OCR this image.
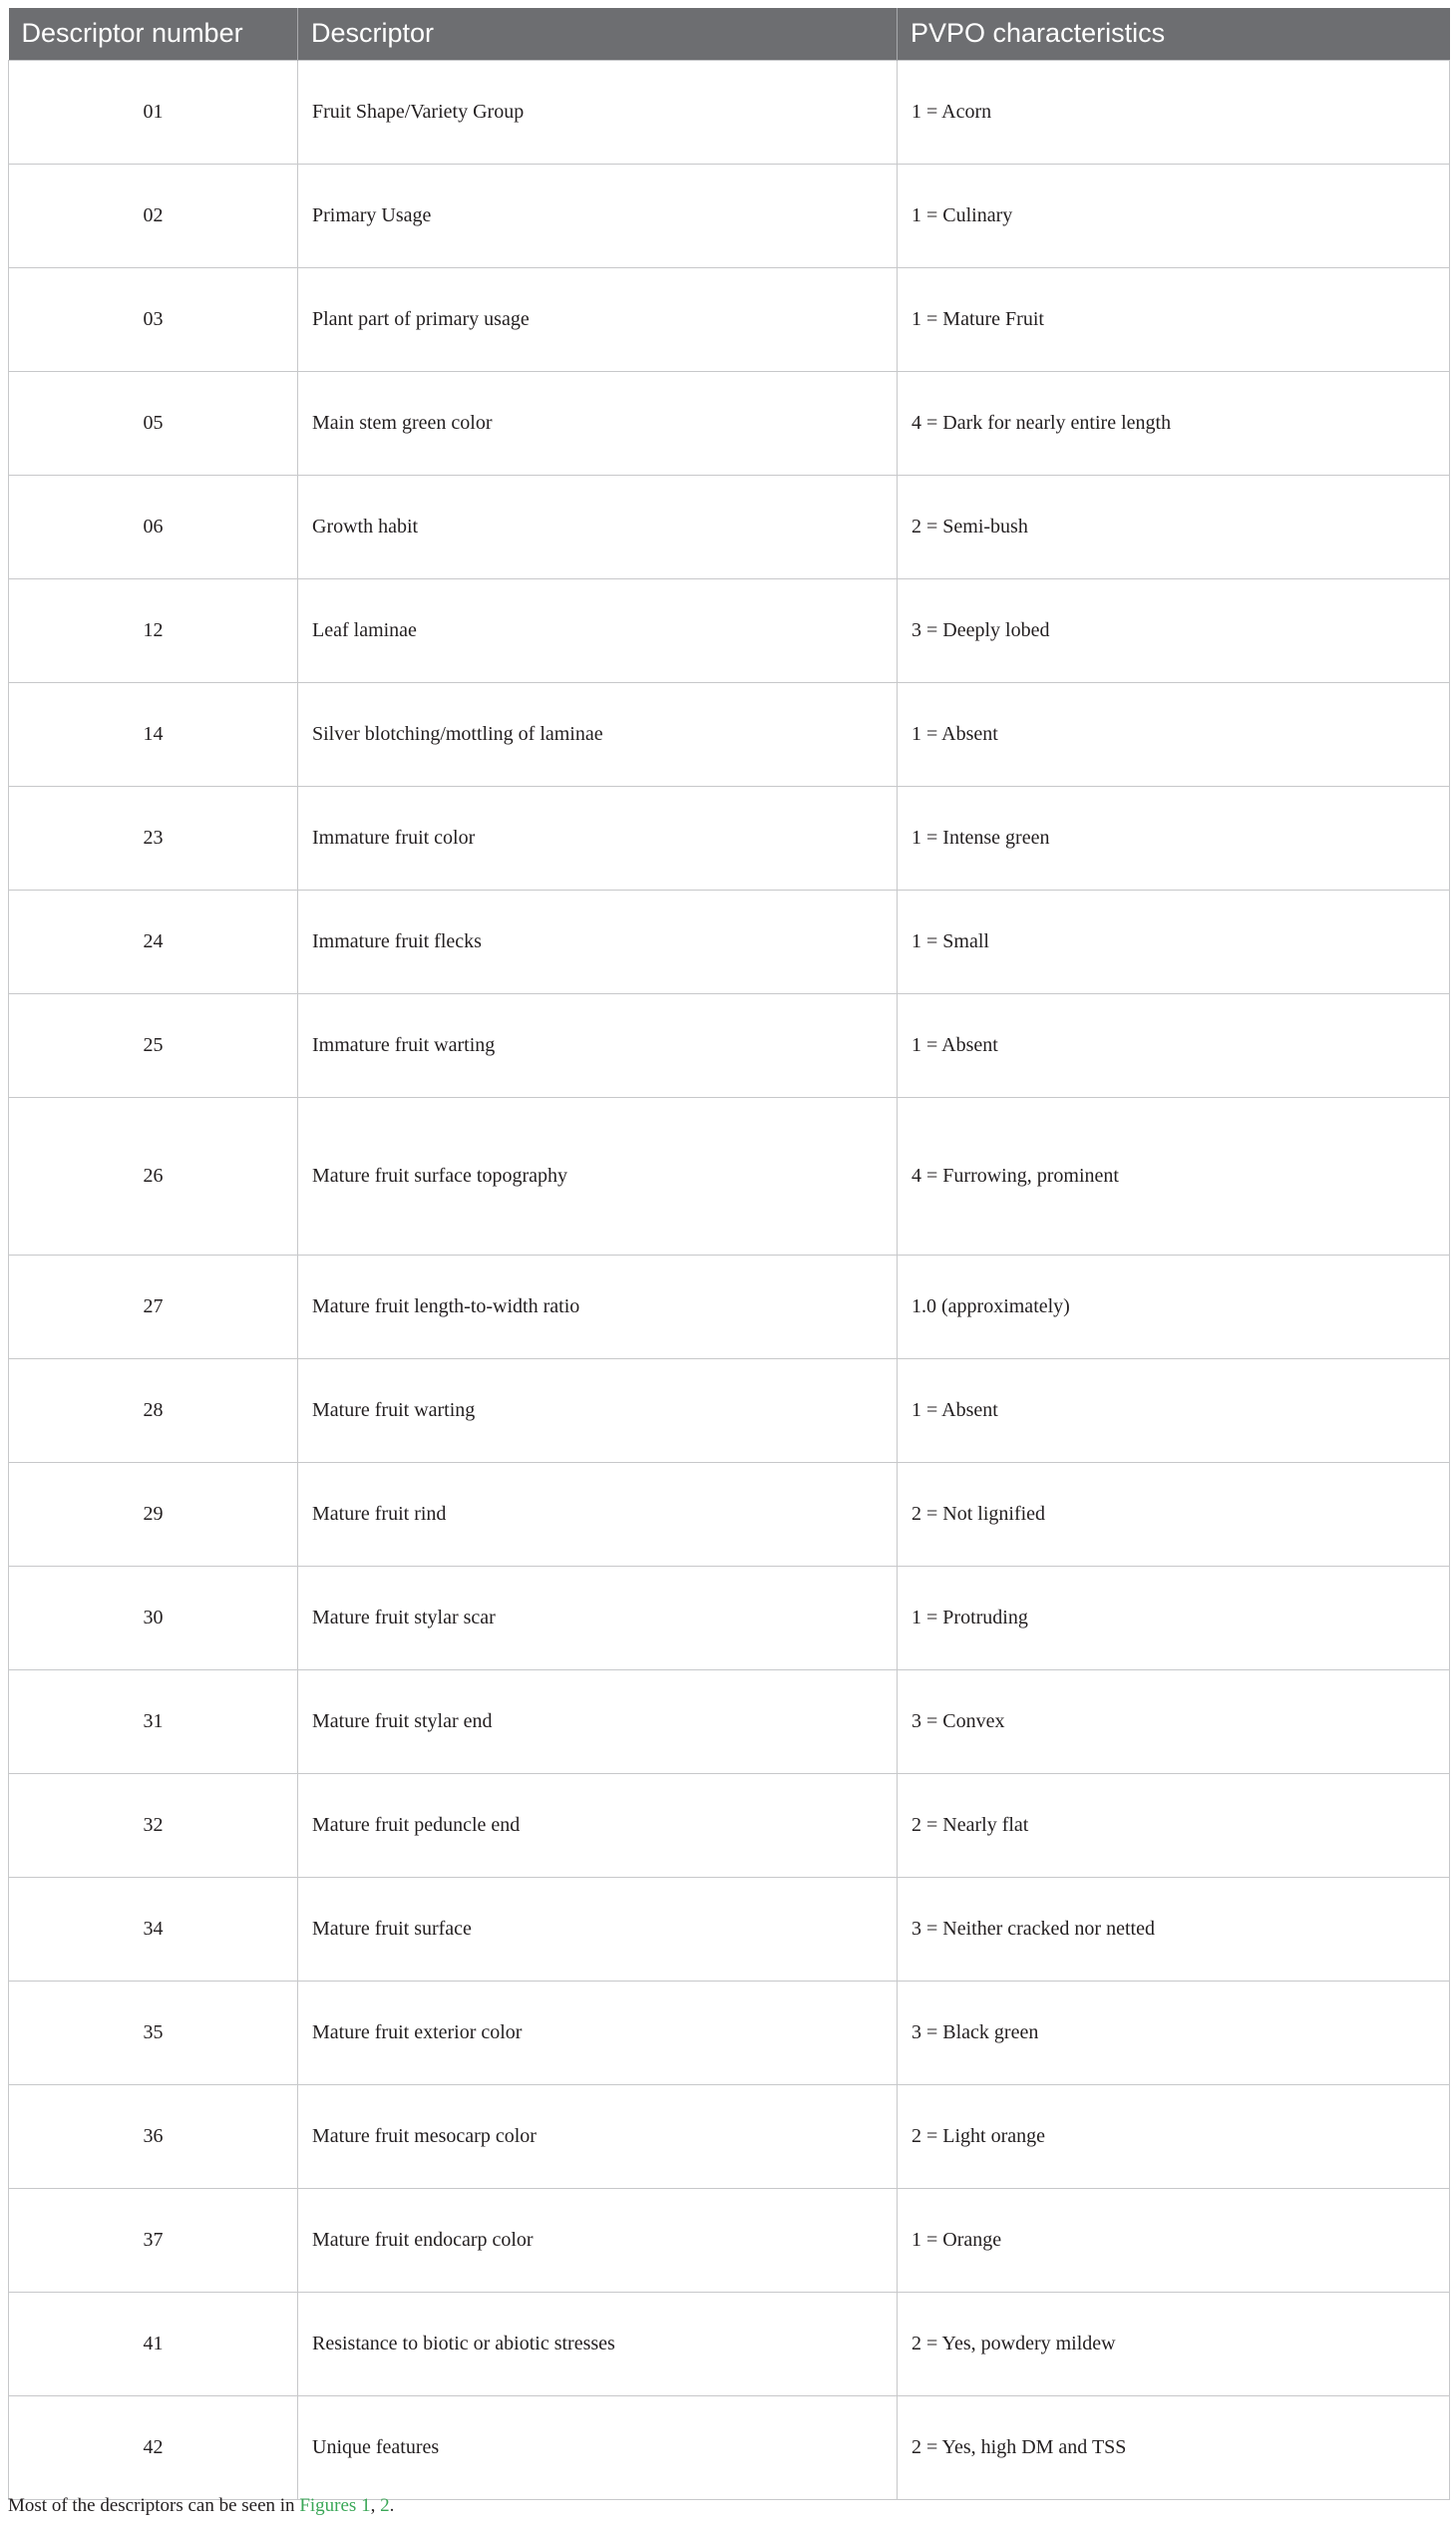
Descriptor number	Descriptor	PVPO characteristics
01	Fruit Shape/Variety Group	1 = Acorn
02	Primary Usage	1 = Culinary
03	Plant part of primary usage	1 = Mature Fruit
05	Main stem green color	4 = Dark for nearly entire length
06	Growth habit	2 = Semi-bush
12	Leaf laminae	3 = Deeply lobed
14	Silver blotching/mottling of laminae	1 = Absent
23	Immature fruit color	1 = Intense green
24	Immature fruit flecks	1 = Small
25	Immature fruit warting	1 = Absent
26	Mature fruit surface topography	4 = Furrowing, prominent
27	Mature fruit length-to-width ratio	1.0 (approximately)
28	Mature fruit warting	1 = Absent
29	Mature fruit rind	2 = Not lignified
30	Mature fruit stylar scar	1 = Protruding
31	Mature fruit stylar end	3 = Convex
32	Mature fruit peduncle end	2 = Nearly flat
34	Mature fruit surface	3 = Neither cracked nor netted
35	Mature fruit exterior color	3 = Black green
36	Mature fruit mesocarp color	2 = Light orange
37	Mature fruit endocarp color	1 = Orange
41	Resistance to biotic or abiotic stresses	2 = Yes, powdery mildew
42	Unique features	2 = Yes, high DM and TSS
Most of the descriptors can be seen in Figures 1, 2.
